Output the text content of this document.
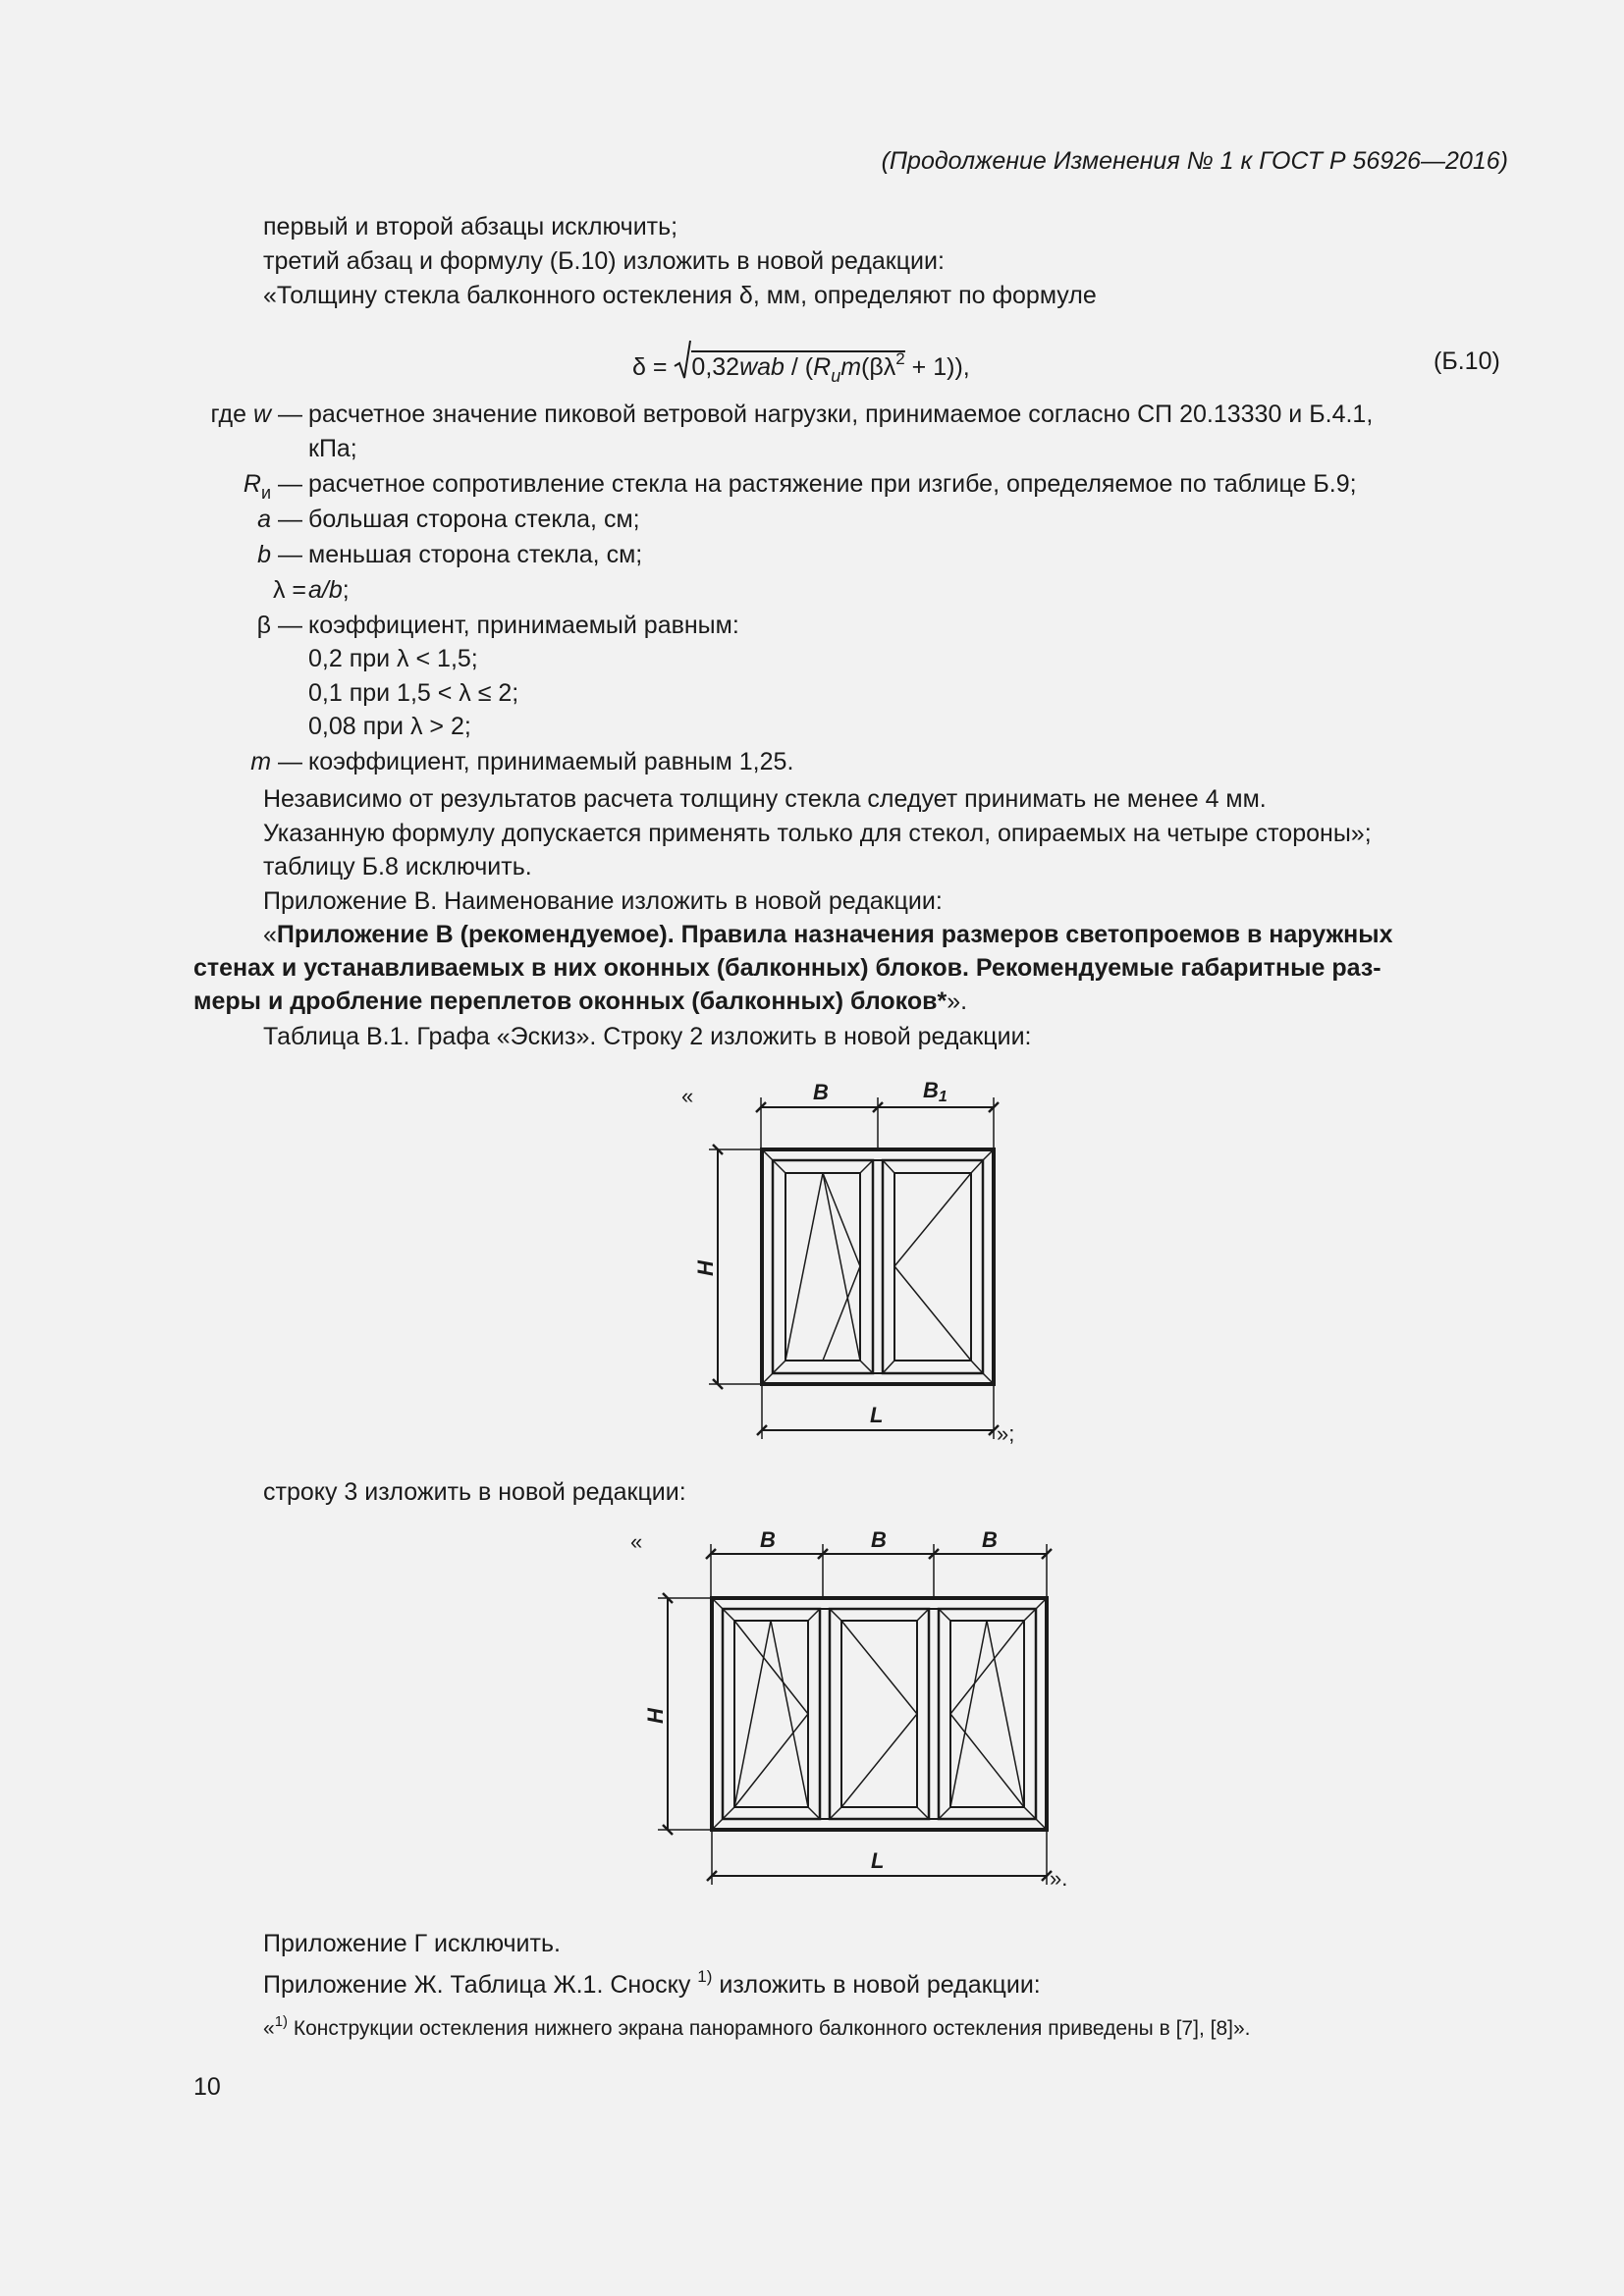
(Продолжение Изменения № 1 к ГОСТ Р 56926—2016)
первый и второй абзацы исключить;
третий абзац и формулу (Б.10) изложить в новой редакции:
«Толщину стекла балконного остекления δ, мм, определяют по формуле
$\delta = 0,32wab / (R_иm(\beta\lambda^2 + 1))$,	(Б.10)
где w — расчетное значение пиковой ветровой нагрузки, принимаемое согласно СП 20.13330 и Б.4.1,
кПа;
$R_и$ — расчетное сопротивление стекла на растяжение при изгибе, определяемое по таблице Б.9;
a — большая сторона стекла, см;
b — меньшая сторона стекла, см;
λ = a/b;
β — коэффициент, принимаемый равным:
0,2 при λ < 1,5;
0,1 при 1,5 < λ ≤ 2;
0,08 при λ > 2;
m — коэффициент, принимаемый равным 1,25.
Независимо от результатов расчета толщину стекла следует принимать не менее 4 мм.
Указанную формулу допускается применять только для стекол, опираемых на четыре стороны»;
таблицу Б.8 исключить.
Приложение В. Наименование изложить в новой редакции:
«Приложение В (рекомендуемое). Правила назначения размеров светопроемов в наружных
стенах и устанавливаемых в них оконных (балконных) блоков. Рекомендуемые габаритные раз-
меры и дробление переплетов оконных (балконных) блоков*».
Таблица В.1. Графа «Эскиз». Строку 2 изложить в новой редакции:
«	B	B1
H
L
»;
строку 3 изложить в новой редакции:
«	B	B	B
H
L
».
Приложение Г исключить.
Приложение Ж. Таблица Ж.1. Сноску $^{1)}$ изложить в новой редакции:
«$^{1)}$ Конструкции остекления нижнего экрана панорамного балконного остекления приведены в [7], [8]».
10
